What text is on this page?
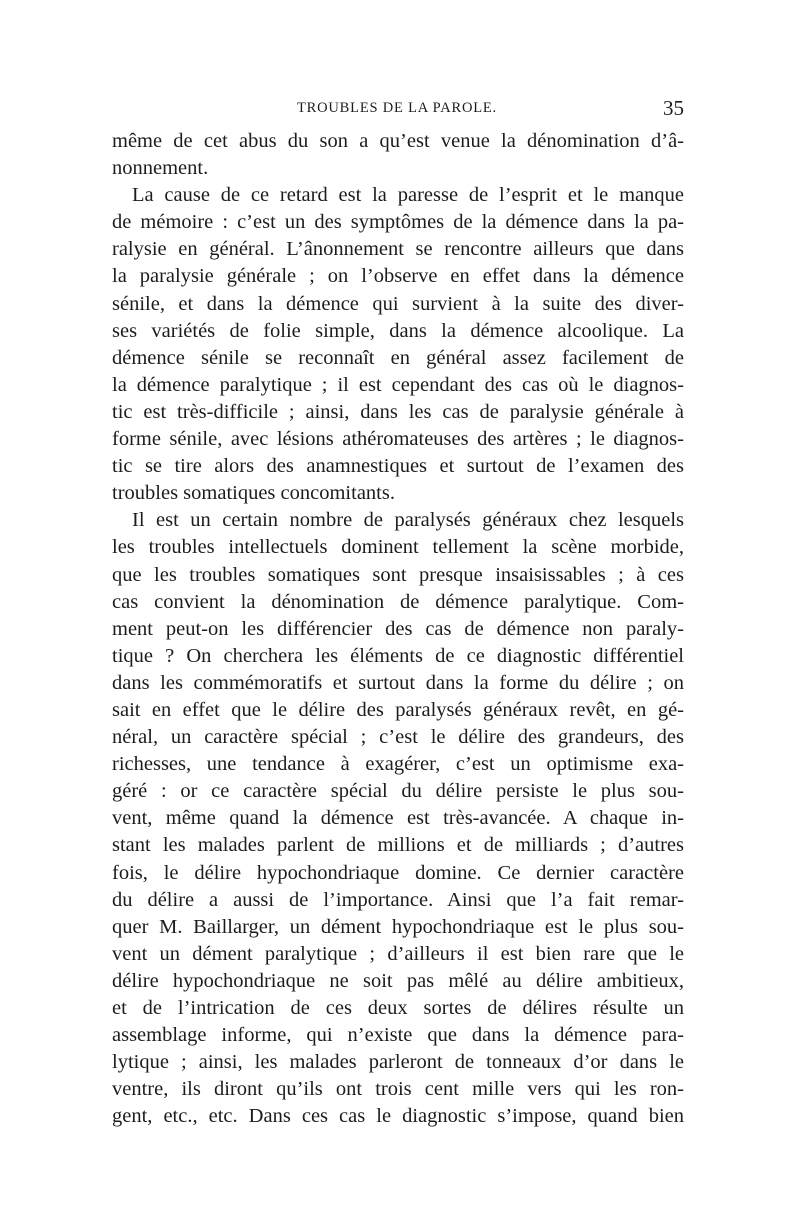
TROUBLES DE LA PAROLE.	35
même de cet abus du son a qu’est venue la dénomination d’â-
nonnement.
La cause de ce retard est la paresse de l’esprit et le manque
de mémoire : c’est un des symptômes de la démence dans la pa-
ralysie en général. L’ânonnement se rencontre ailleurs que dans
la paralysie générale ; on l’observe en effet dans la démence
sénile, et dans la démence qui survient à la suite des diver-
ses variétés de folie simple, dans la démence alcoolique. La
démence sénile se reconnaît en général assez facilement de
la démence paralytique ; il est cependant des cas où le diagnos-
tic est très-difficile ; ainsi, dans les cas de paralysie générale à
forme sénile, avec lésions athéromateuses des artères ; le diagnos-
tic se tire alors des anamnestiques et surtout de l’examen des
troubles somatiques concomitants.
Il est un certain nombre de paralysés généraux chez lesquels
les troubles intellectuels dominent tellement la scène morbide,
que les troubles somatiques sont presque insaisissables ; à ces
cas convient la dénomination de démence paralytique. Com-
ment peut-on les différencier des cas de démence non paraly-
tique ? On cherchera les éléments de ce diagnostic différentiel
dans les commémoratifs et surtout dans la forme du délire ; on
sait en effet que le délire des paralysés généraux revêt, en gé-
néral, un caractère spécial ; c’est le délire des grandeurs, des
richesses, une tendance à exagérer, c’est un optimisme exa-
géré : or ce caractère spécial du délire persiste le plus sou-
vent, même quand la démence est très-avancée. A chaque in-
stant les malades parlent de millions et de milliards ; d’autres
fois, le délire hypochondriaque domine. Ce dernier caractère
du délire a aussi de l’importance. Ainsi que l’a fait remar-
quer M. Baillarger, un dément hypochondriaque est le plus sou-
vent un dément paralytique ; d’ailleurs il est bien rare que le
délire hypochondriaque ne soit pas mêlé au délire ambitieux,
et de l’intrication de ces deux sortes de délires résulte un
assemblage informe, qui n’existe que dans la démence para-
lytique ; ainsi, les malades parleront de tonneaux d’or dans le
ventre, ils diront qu’ils ont trois cent mille vers qui les ron-
gent, etc., etc. Dans ces cas le diagnostic s’impose, quand bien
